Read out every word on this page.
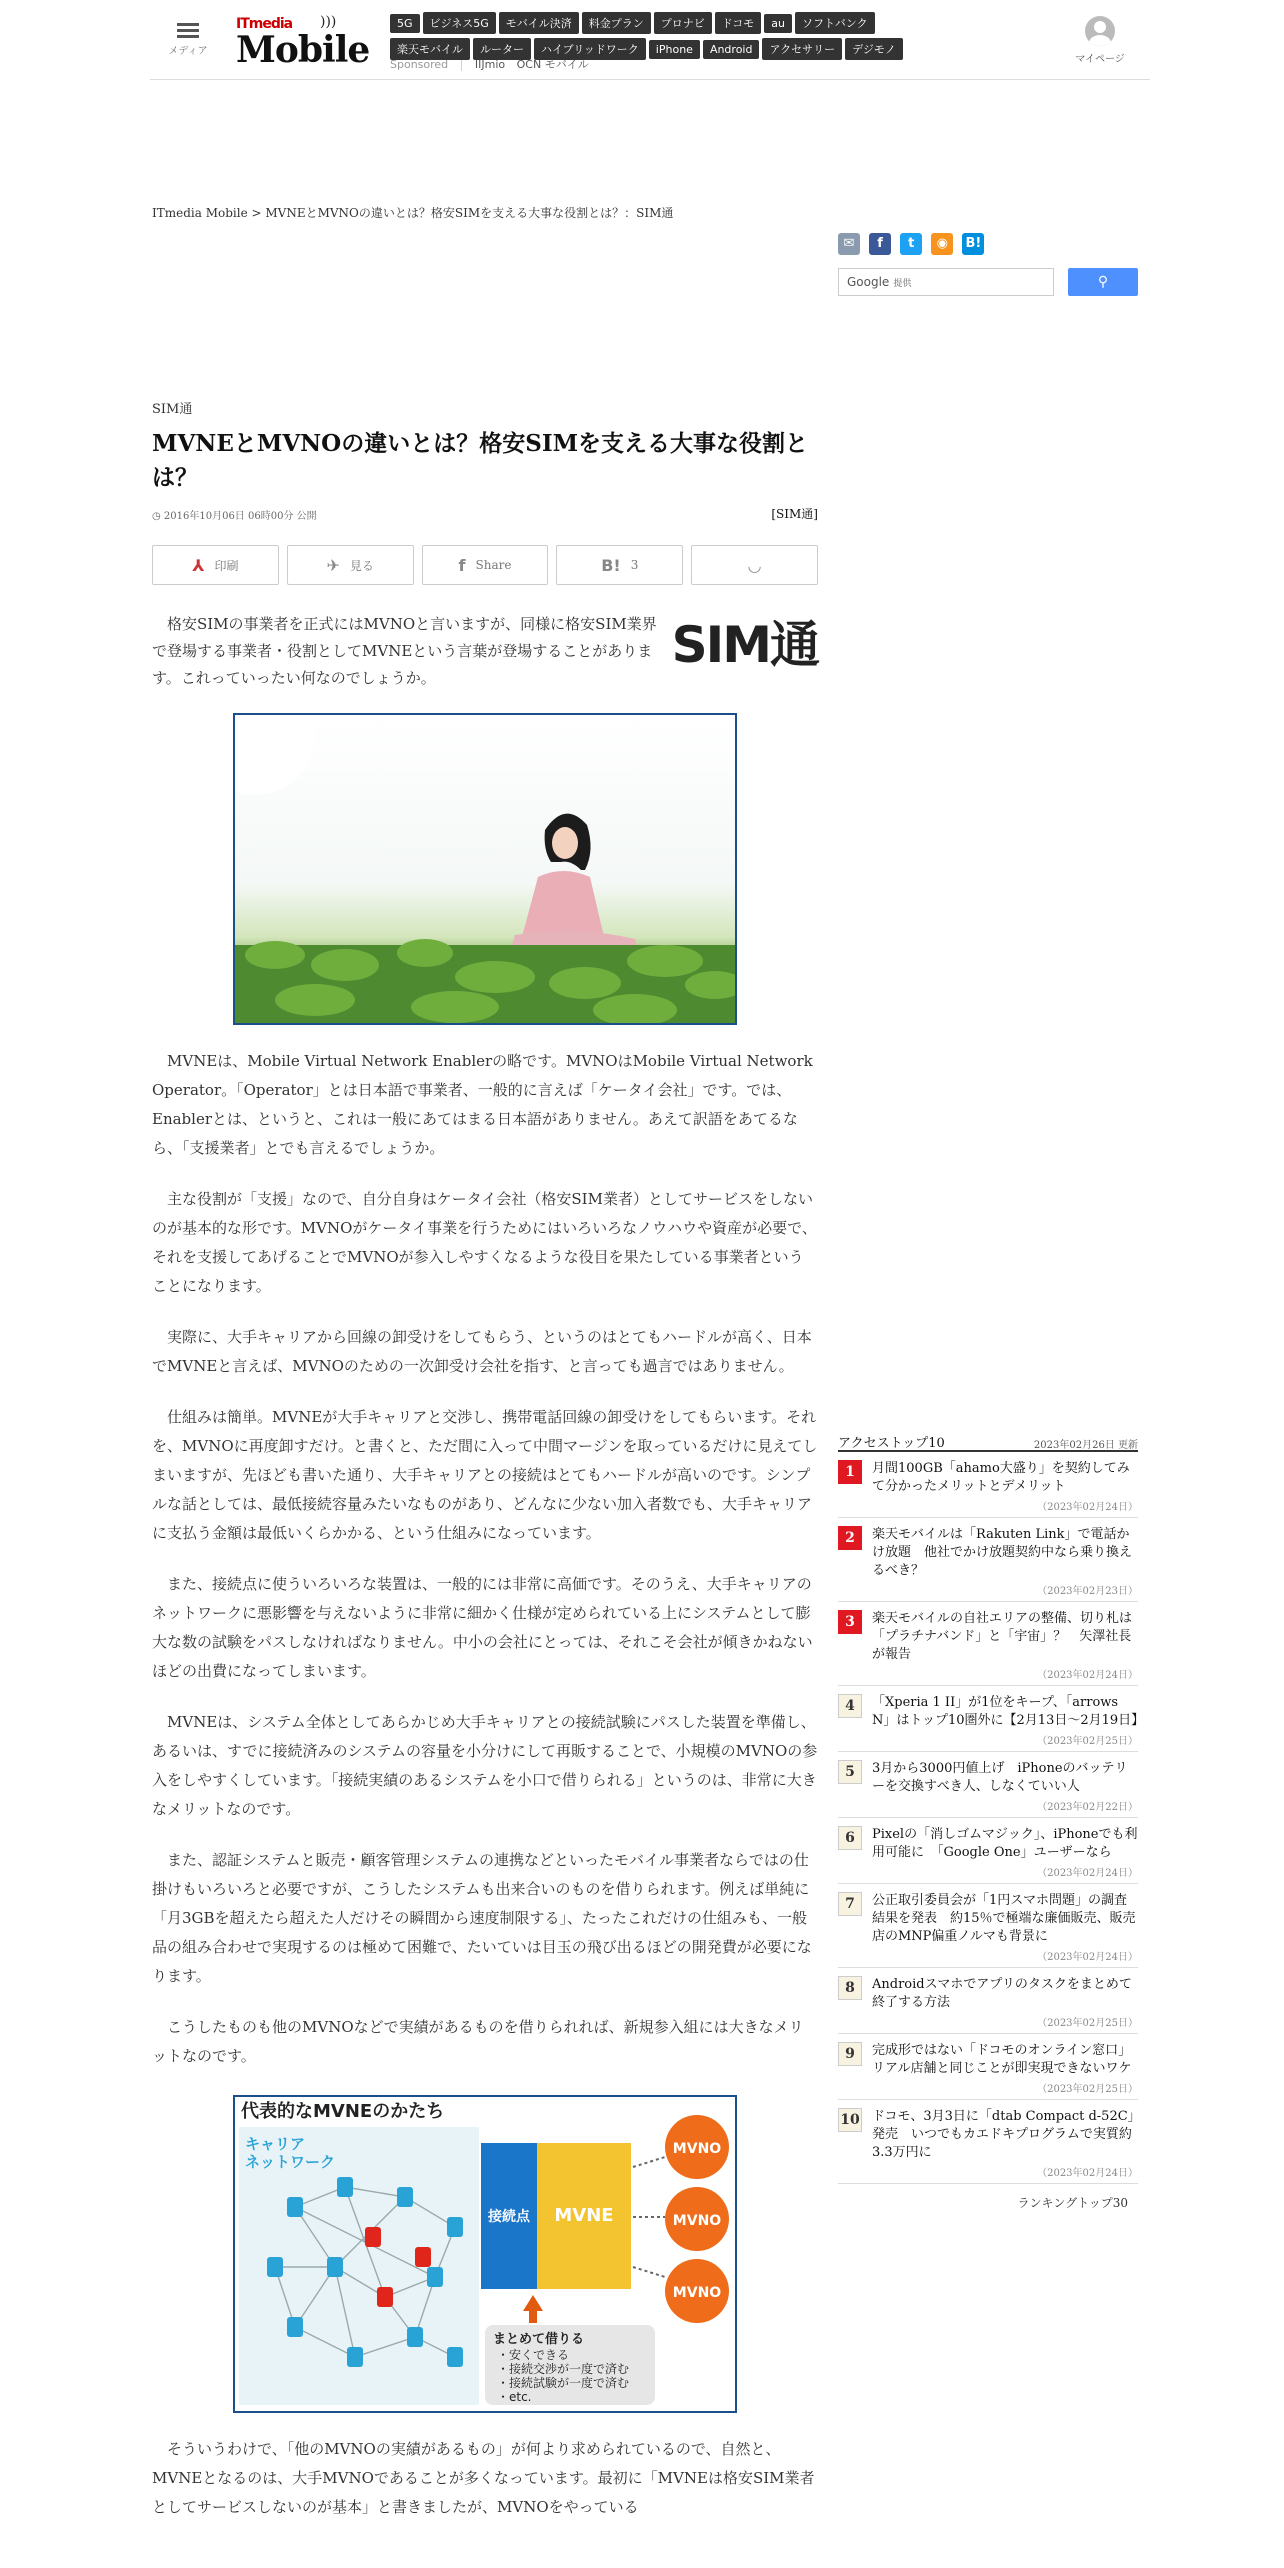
メディア
ITmedia )))
Mobile
5G ビジネス5G モバイル決済 料金プラン プロナビ ドコモ au ソフトバンク楽天モバイル ルーター ハイブリッドワーク iPhone Android アクセサリー デジモノ
Sponsored | IIJmio OCN モバイル	マイページ
ITmedia Mobile > MVNEとMVNOの違いとは？格安SIMを支える大事な役割とは？：SIM通
✉ f t ◉ B!
Google 提供	⚲
SIM通
MVNEとMVNOの違いとは？格安SIMを支える大事な役割とは？
◷ 2016年10月06日 06時00分 公開	[SIM通]
⅄ 印刷	✈ 見る	f Share	B! 3	◡

格安SIMの事業者を正式にはMVNOと言いますが、同様に格安SIM業界で登場する事業者・役割としてMVNEという言葉が登場することがあります。これっていったい何なのでしょうか。

SIM通

MVNEは、Mobile Virtual Network Enablerの略です。MVNOはMobile Virtual Network Operator。「Operator」とは日本語で事業者、一般的に言えば「ケータイ会社」です。では、Enablerとは、というと、これは一般にあてはまる日本語がありません。あえて訳語をあてるなら、「支援業者」とでも言えるでしょうか。

主な役割が「支援」なので、自分自身はケータイ会社（格安SIM業者）としてサービスをしないのが基本的な形です。MVNOがケータイ事業を行うためにはいろいろなノウハウや資産が必要で、それを支援してあげることでMVNOが参入しやすくなるような役目を果たしている事業者ということになります。

実際に、大手キャリアから回線の卸受けをしてもらう、というのはとてもハードルが高く、日本でMVNEと言えば、MVNOのための一次卸受け会社を指す、と言っても過言ではありません。

仕組みは簡単。MVNEが大手キャリアと交渉し、携帯電話回線の卸受けをしてもらいます。それを、MVNOに再度卸すだけ。と書くと、ただ間に入って中間マージンを取っているだけに見えてしまいますが、先ほども書いた通り、大手キャリアとの接続はとてもハードルが高いのです。シンプルな話としては、最低接続容量みたいなものがあり、どんなに少ない加入者数でも、大手キャリアに支払う金額は最低いくらかかる、という仕組みになっています。

また、接続点に使ういろいろな装置は、一般的には非常に高価です。そのうえ、大手キャリアのネットワークに悪影響を与えないように非常に細かく仕様が定められている上にシステムとして膨大な数の試験をパスしなければなりません。中小の会社にとっては、それこそ会社が傾きかねないほどの出費になってしまいます。

MVNEは、システム全体としてあらかじめ大手キャリアとの接続試験にパスした装置を準備し、あるいは、すでに接続済みのシステムの容量を小分けにして再販することで、小規模のMVNOの参入をしやすくしています。「接続実績のあるシステムを小口で借りられる」というのは、非常に大きなメリットなのです。

また、認証システムと販売・顧客管理システムの連携などといったモバイル事業者ならではの仕掛けもいろいろと必要ですが、こうしたシステムも出来合いのものを借りられます。例えば単純に「月3GBを超えたら超えた人だけその瞬間から速度制限する」、たったこれだけの仕組みも、一般品の組み合わせで実現するのは極めて困難で、たいていは目玉の飛び出るほどの開発費が必要になります。

こうしたものも他のMVNOなどで実績があるものを借りられれば、新規参入組には大きなメリットなのです。

代表的なMVNEのかたち
キャリア
ネットワーク
接続点 MVNE
MVNO
MVNO
MVNO
まとめて借りる
・安くできる
・接続交渉が一度で済む
・接続試験が一度で済む
・etc.

そういうわけで、「他のMVNOの実績があるもの」が何より求められているので、自然と、MVNEとなるのは、大手MVNOであることが多くなっています。最初に「MVNEは格安SIM業者としてサービスしないのが基本」と書きましたが、MVNOをやっている

アクセストップ10	2023年02月26日 更新
1	月間100GB「ahamo大盛り」を契約してみて分かったメリットとデメリット
（2023年02月24日）
2	楽天モバイルは「Rakuten Link」で電話かけ放題　他社でかけ放題契約中なら乗り換えるべき？
（2023年02月23日）
3	楽天モバイルの自社エリアの整備、切り札は「プラチナバンド」と「宇宙」？　矢澤社長が報告
（2023年02月24日）
4	「Xperia 1 II」が1位をキープ、「arrows N」はトップ10圏外に【2月13日～2月19日】
（2023年02月25日）
5	3月から3000円値上げ　iPhoneのバッテリーを交換すべき人、しなくていい人
（2023年02月22日）
6	Pixelの「消しゴムマジック」、iPhoneでも利用可能に　「Google One」ユーザーなら
（2023年02月24日）
7	公正取引委員会が「1円スマホ問題」の調査結果を発表　約15％で極端な廉価販売、販売店のMNP偏重ノルマも背景に
（2023年02月24日）
8	Androidスマホでアプリのタスクをまとめて終了する方法
（2023年02月25日）
9	完成形ではない「ドコモのオンライン窓口」　リアル店舗と同じことが即実現できないワケ
（2023年02月25日）
10 ドコモ、3月3日に「dtab Compact d-52C」発売　いつでもカエドキプログラムで実質約3.3万円に
（2023年02月24日）
ランキングトップ30
